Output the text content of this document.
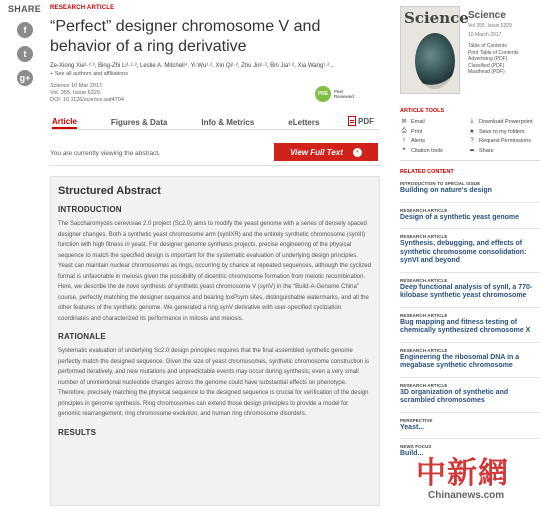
SHARE
f
t
g+
RESEARCH ARTICLE
“Perfect” designer chromosome V and behavior of a ring derivative
Ze-Xiong Xie¹·²·³, Bing-Zhi Li¹·²·³, Leslie A. Mitchell⁴, Yi Wu¹·², Xin Qi¹·², Zhu Jin¹·², Bin Jia¹·², Xia Wang¹·²...
+ See all authors and affiliations
Science 10 Mar 2017:
Vol. 355, Issue 6329,
DOI: 10.1126/science.aaf4704
PRE	Peer Reviewed
Article	Figures & Data	Info & Metrics	eLetters	PDF
You are currently viewing the abstract.	View Full Text	›
Structured Abstract
INTRODUCTION

The Saccharomyces cerevisiae 2.0 project (Sc2.0) aims to modify the yeast genome with a series of densely spaced designer changes. Both a synthetic yeast chromosome arm (synIXR) and the entirely synthetic chromosome (synIII) function with high fitness in yeast. For designer genome synthesis projects, precise engineering of the physical sequence to match the specified design is important for the systematic evaluation of underlying design principles. Yeast can maintain nuclear chromosomes as rings, occurring by chance at repeated sequences, although the cyclized format is unfavorable in meiosis given the possibility of dicentric chromosome formation from meiotic recombination. Here, we describe the de novo synthesis of synthetic yeast chromosome V (synV) in the “Build-A-Genome China” course, perfectly matching the designer sequence and bearing loxPsym sites, distinguishable watermarks, and all the other features of the synthetic genome. We generated a ring synV derivative with user-specified cyclization coordinates and characterized its performance in mitosis and meiosis.

RATIONALE

Systematic evaluation of underlying Sc2.0 design principles requires that the final assembled synthetic genome perfectly match the designed sequence. Given the size of yeast chromosomes, synthetic chromosome construction is performed iteratively, and new mutations and unpredictable events may occur during synthesis; even a very small number of unintentional nucleotide changes across the genome could have substantial effects on phenotype. Therefore, precisely matching the physical sequence to the designed sequence is crucial for verification of the design principles in genome synthesis. Ring chromosomes can extend those design principles to provide a model for genomic rearrangement, ring chromosome evolution, and human ring chromosome disorders.

RESULTS
Science Science
Vol 355, Issue 6329
10 March 2017
Table of Contents
Print Table of Contents
Advertising (PDF)
Classified (PDF)
Masthead (PDF)
ARTICLE TOOLS
✉ Email	⤓	Download Powerpoint
⎙ Print	★ Save to my folders
!	Alerts	? Request Permissions
❝ Citation tools	➦ Share
RELATED CONTENT
INTRODUCTION TO SPECIAL ISSUE
Building on nature's design
RESEARCH ARTICLE
Design of a synthetic yeast genome
RESEARCH ARTICLE
Synthesis, debugging, and effects of synthetic chromosome consolidation: synVI and beyond
RESEARCH ARTICLE
Deep functional analysis of synII, a 770-kilobase synthetic yeast chromosome
RESEARCH ARTICLE
Bug mapping and fitness testing of chemically synthesized chromosome X
RESEARCH ARTICLE
Engineering the ribosomal DNA in a megabase synthetic chromosome
RESEARCH ARTICLE
3D organization of synthetic and scrambled chromosomes
PERSPECTIVE
Yeast...
NEWS FOCUS
Build...
中新網
Chinanews.com
